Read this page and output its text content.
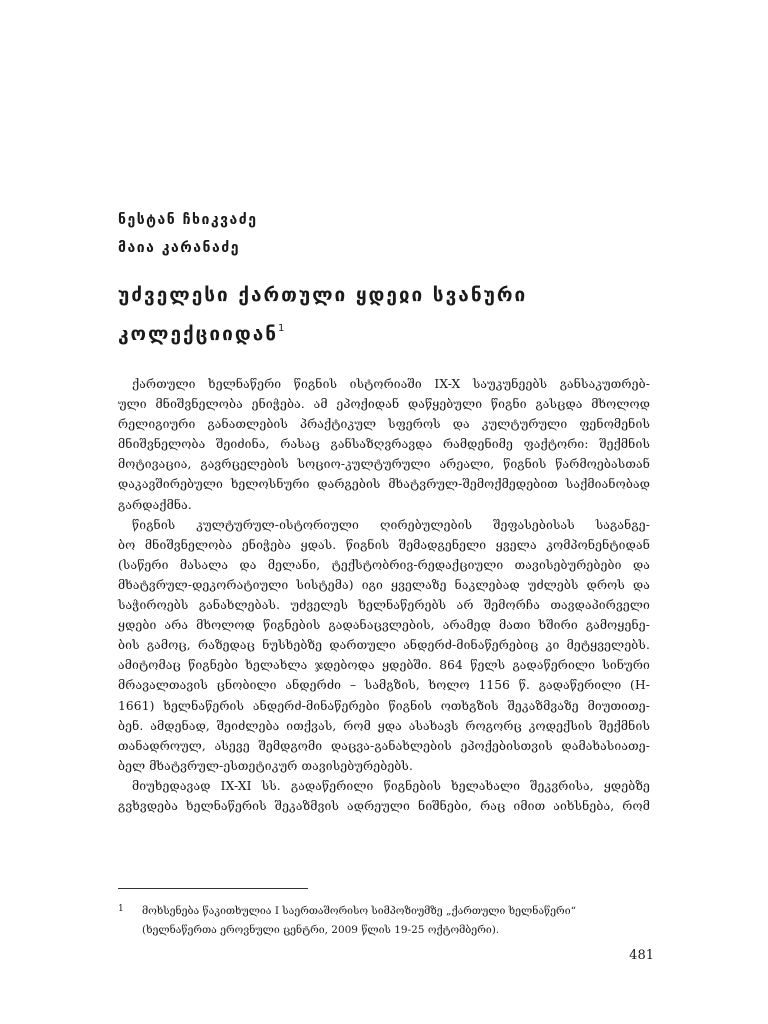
ნესტან ჩხიკვაძე
მაია კარანაძე
უძველესი ქართული ყდეჲი სვანური
კოლექციიდან$^1$
ქართული ხელნაწერი წიგნის ისტორიაში IX-X საუკუნეებს განსაკუთრებ-
ული მნიშვნელობა ენიჭება. ამ ეპოქიდან დაწყებული წიგნი გასცდა მხოლოდ
რელიგიური განათლების პრაქტიკულ სფეროს და კულტურული ფენომენის
მნიშვნელობა შეიძინა, რასაც განსაზღვრავდა რამდენიმე ფაქტორი: შექმნის
მოტივაცია, გავრცელების სოციო-კულტურული არეალი, წიგნის წარმოებასთან
დაკავშირებული ხელოსნური დარგების მხატვრულ-შემოქმედებით საქმიანობად
გარდაქმნა.
წიგნის კულტურულ-ისტორიული ღირებულების შეფასებისას საგანგე-
ბო მნიშვნელობა ენიჭება ყდას. წიგნის შემადგენელი ყველა კომპონენტიდან
(საწერი მასალა და მელანი, ტექსტობრივ-რედაქციული თავისებურებები და
მხატვრულ-დეკორატიული სისტემა) იგი ყველაზე ნაკლებად უძლებს დროს და
საჭიროებს განახლებას. უძველეს ხელნაწერებს არ შემორჩა თავდაპირველი
ყდები არა მხოლოდ წიგნების გადანაცვლების, არამედ მათი ხშირი გამოყენე-
ბის გამოც, რაზედაც ნუსხებზე დართული ანდერძ-მინაწერებიც კი მეტყველებს.
ამიტომაც წიგნები ხელახლა ჯდებოდა ყდებში. 864 წელს გადაწერილი სინური
მრავალთავის ცნობილი ანდერძი – სამგზის, ხოლო 1156 წ. გადაწერილი (H-
1661) ხელნაწერის ანდერძ-მინაწერები წიგნის ოთხგზის შეკაზმვაზე მიუთითე-
ბენ. ამდენად, შეიძლება ითქვას, რომ ყდა ასახავს როგორც კოდექსის შექმნის
თანადროულ, ასევე შემდგომი დაცვა-განახლების ეპოქებისთვის დამახასიათე-
ბელ მხატვრულ-ესთეტიკურ თავისებურებებს.
მიუხედავად IX-XI სს. გადაწერილი წიგნების ხელახალი შეკვრისა, ყდებზე
გვხვდება ხელნაწერის შეკაზმვის ადრეული ნიშნები, რაც იმით აიხსნება, რომ
1 მოხსენება წაკითხულია I საერთაშორისო სიმპოზიუმზე „ქართული ხელნაწერი“
(ხელნაწერთა ეროვნული ცენტრი, 2009 წლის 19-25 ოქტომბერი).
481
